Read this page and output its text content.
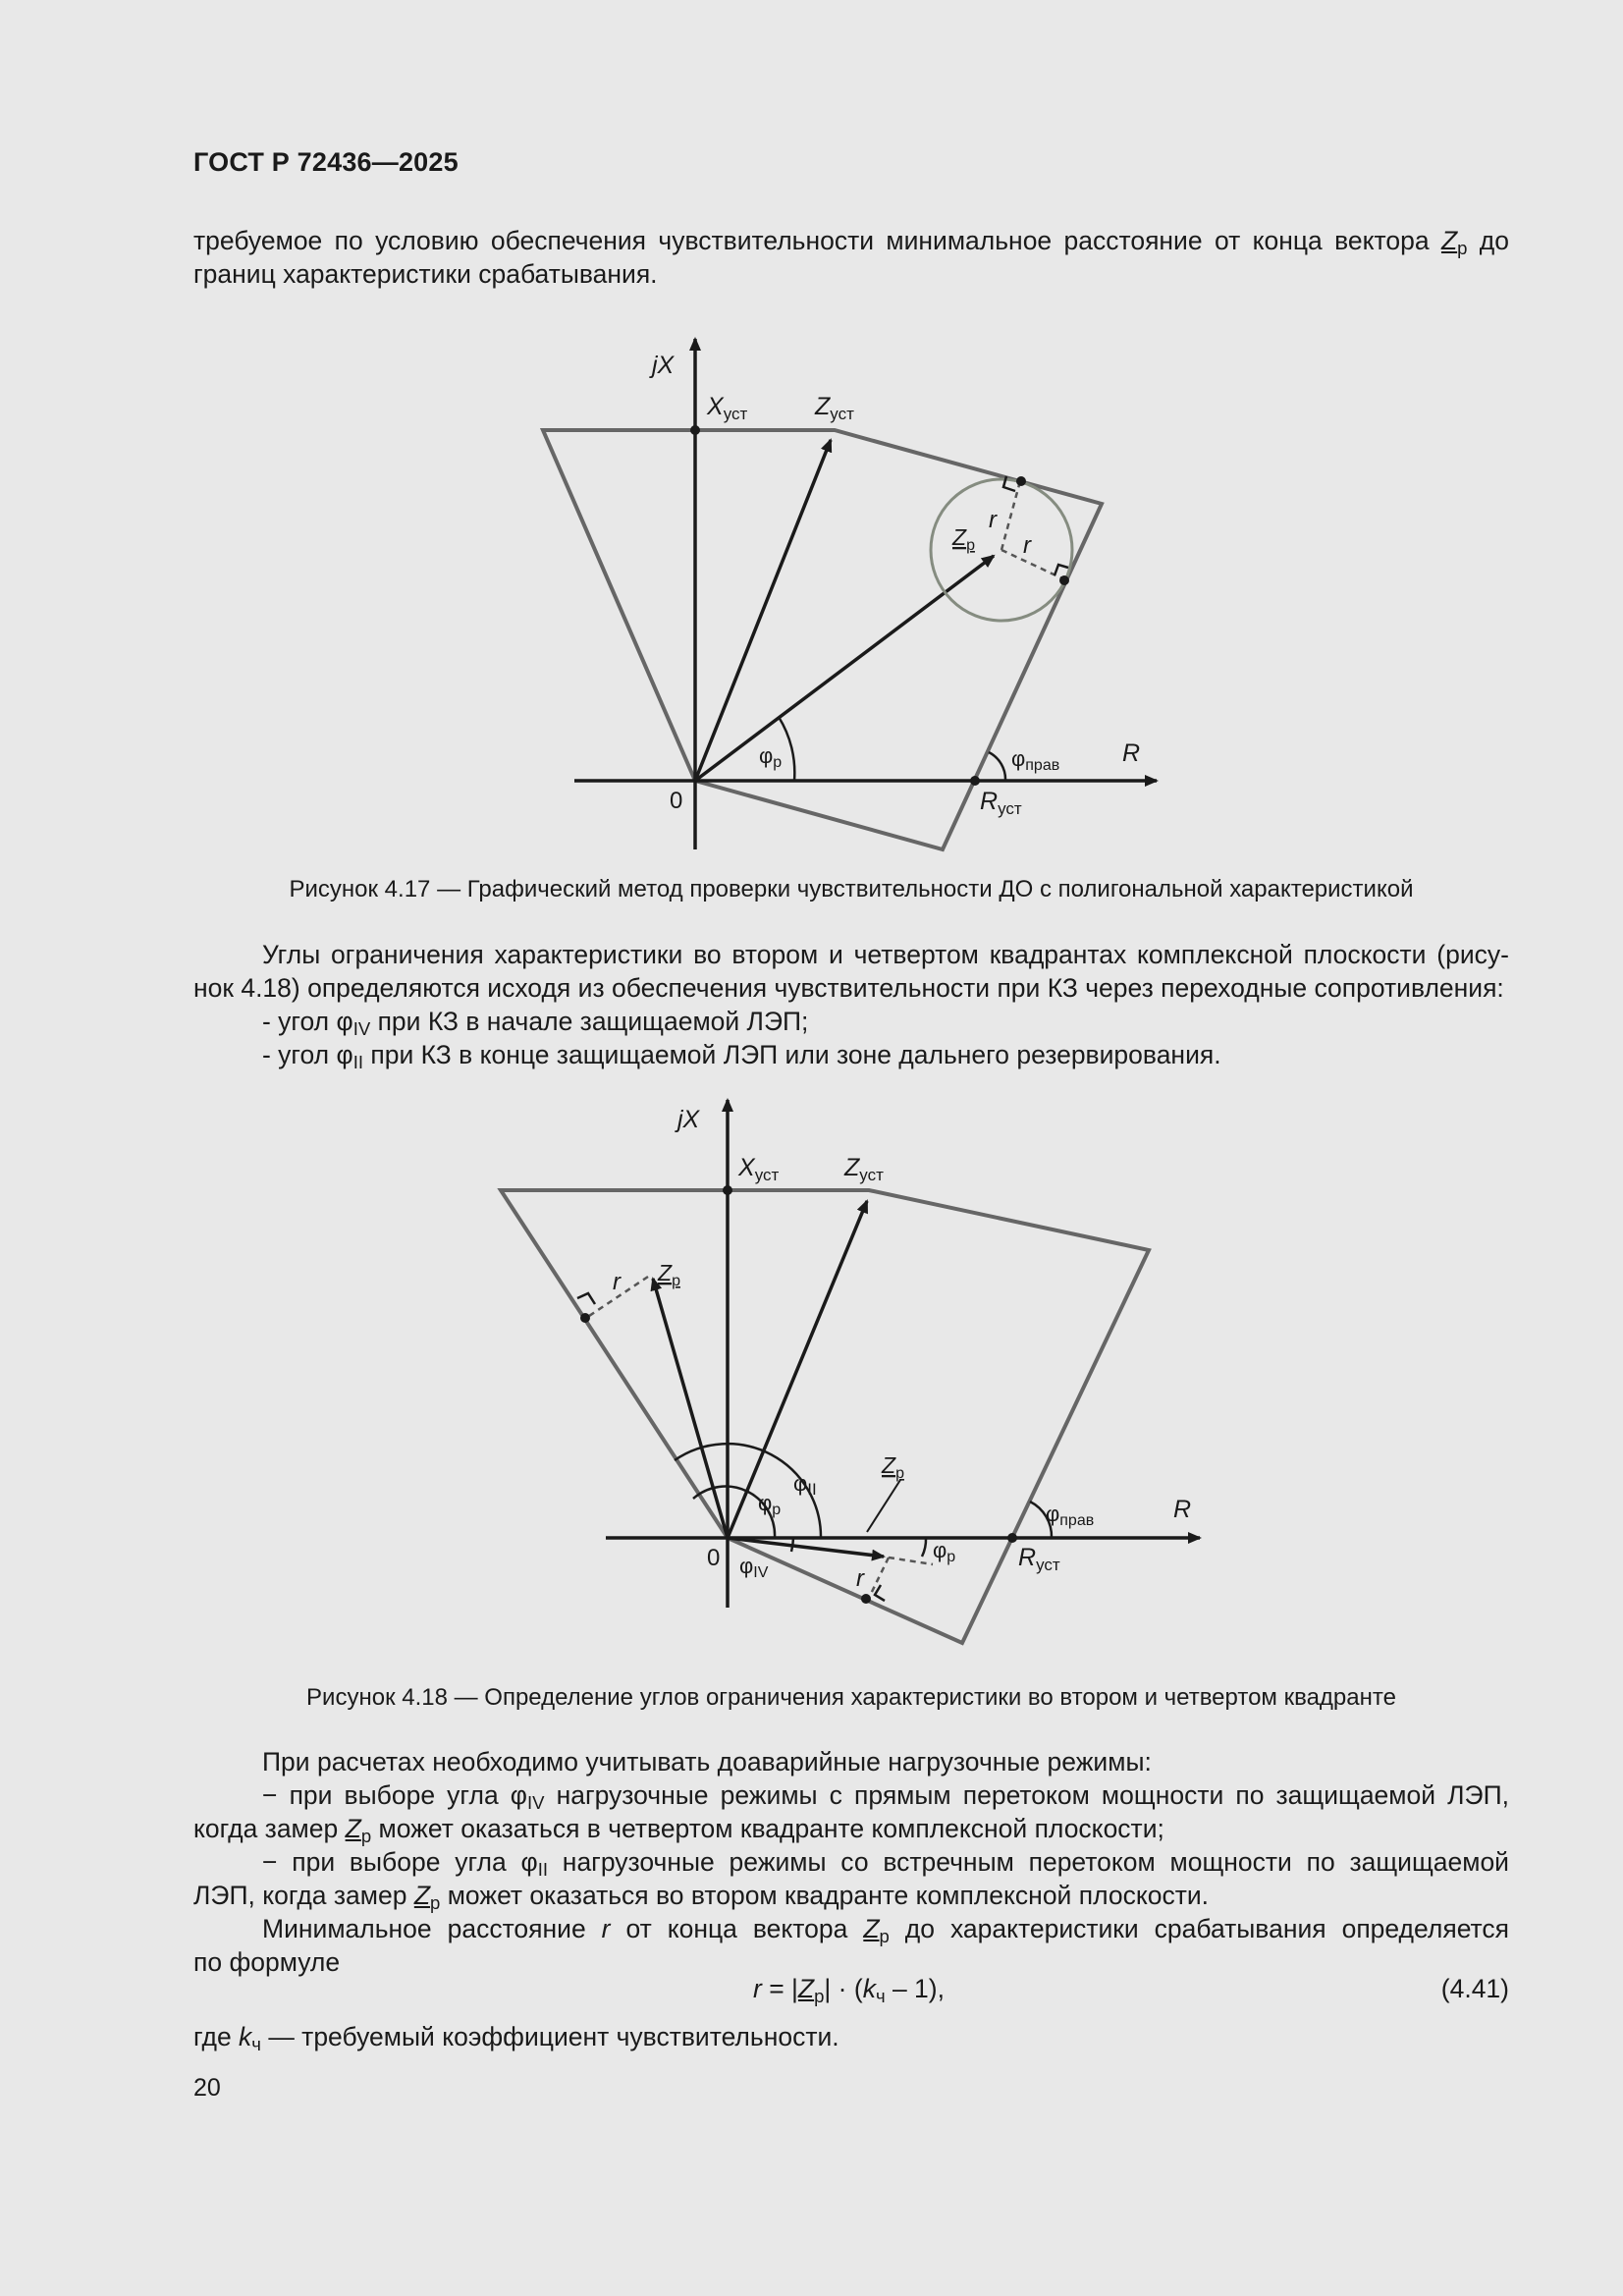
ГОСТ Р 72436—2025
требуемое по условию обеспечения чувствительности минимальное расстояние от конца вектора $Z_p$ до
границ характеристики срабатывания.
jX
$X_{уст}$	$Z_{уст}$
$Z_р$
r
r
φр	φправ	R
$R_{уст}$
0
Рисунок 4.17 — Графический метод проверки чувствительности ДО с полигональной характеристикой
Углы ограничения характеристики во втором и четвертом квадрантах комплексной плоскости (рису-
нок 4.18) определяются исходя из обеспечения чувствительности при КЗ через переходные сопротивления:
- угол $\varphi_{IV}$ при КЗ в начале защищаемой ЛЭП;
- угол $\varphi_{II}$ при КЗ в конце защищаемой ЛЭП или зоне дальнего резервирования.
jX
$X_{уст}$	$Z_{уст}$
$Z_р$
r
φII
φр
φIV
$Z_р$
φр
r
φправ	R
$R_{уст}$
0
Рисунок 4.18 — Определение углов ограничения характеристики во втором и четвертом квадранте
При расчетах необходимо учитывать доаварийные нагрузочные режимы:
− при выборе угла $\varphi_{IV}$ нагрузочные режимы с прямым перетоком мощности по защищаемой ЛЭП,
когда замер $Z_р$ может оказаться в четвертом квадранте комплексной плоскости;
− при выборе угла $\varphi_{II}$ нагрузочные режимы со встречным перетоком мощности по защищаемой
ЛЭП, когда замер $Z_р$ может оказаться во втором квадранте комплексной плоскости.
Минимальное расстояние r от конца вектора $Z_р$ до характеристики срабатывания определяется
по формуле
$r = |Z_р| \cdot (k_ч - 1)$,	(4.41)
где $k_ч$ — требуемый коэффициент чувствительности.
20
